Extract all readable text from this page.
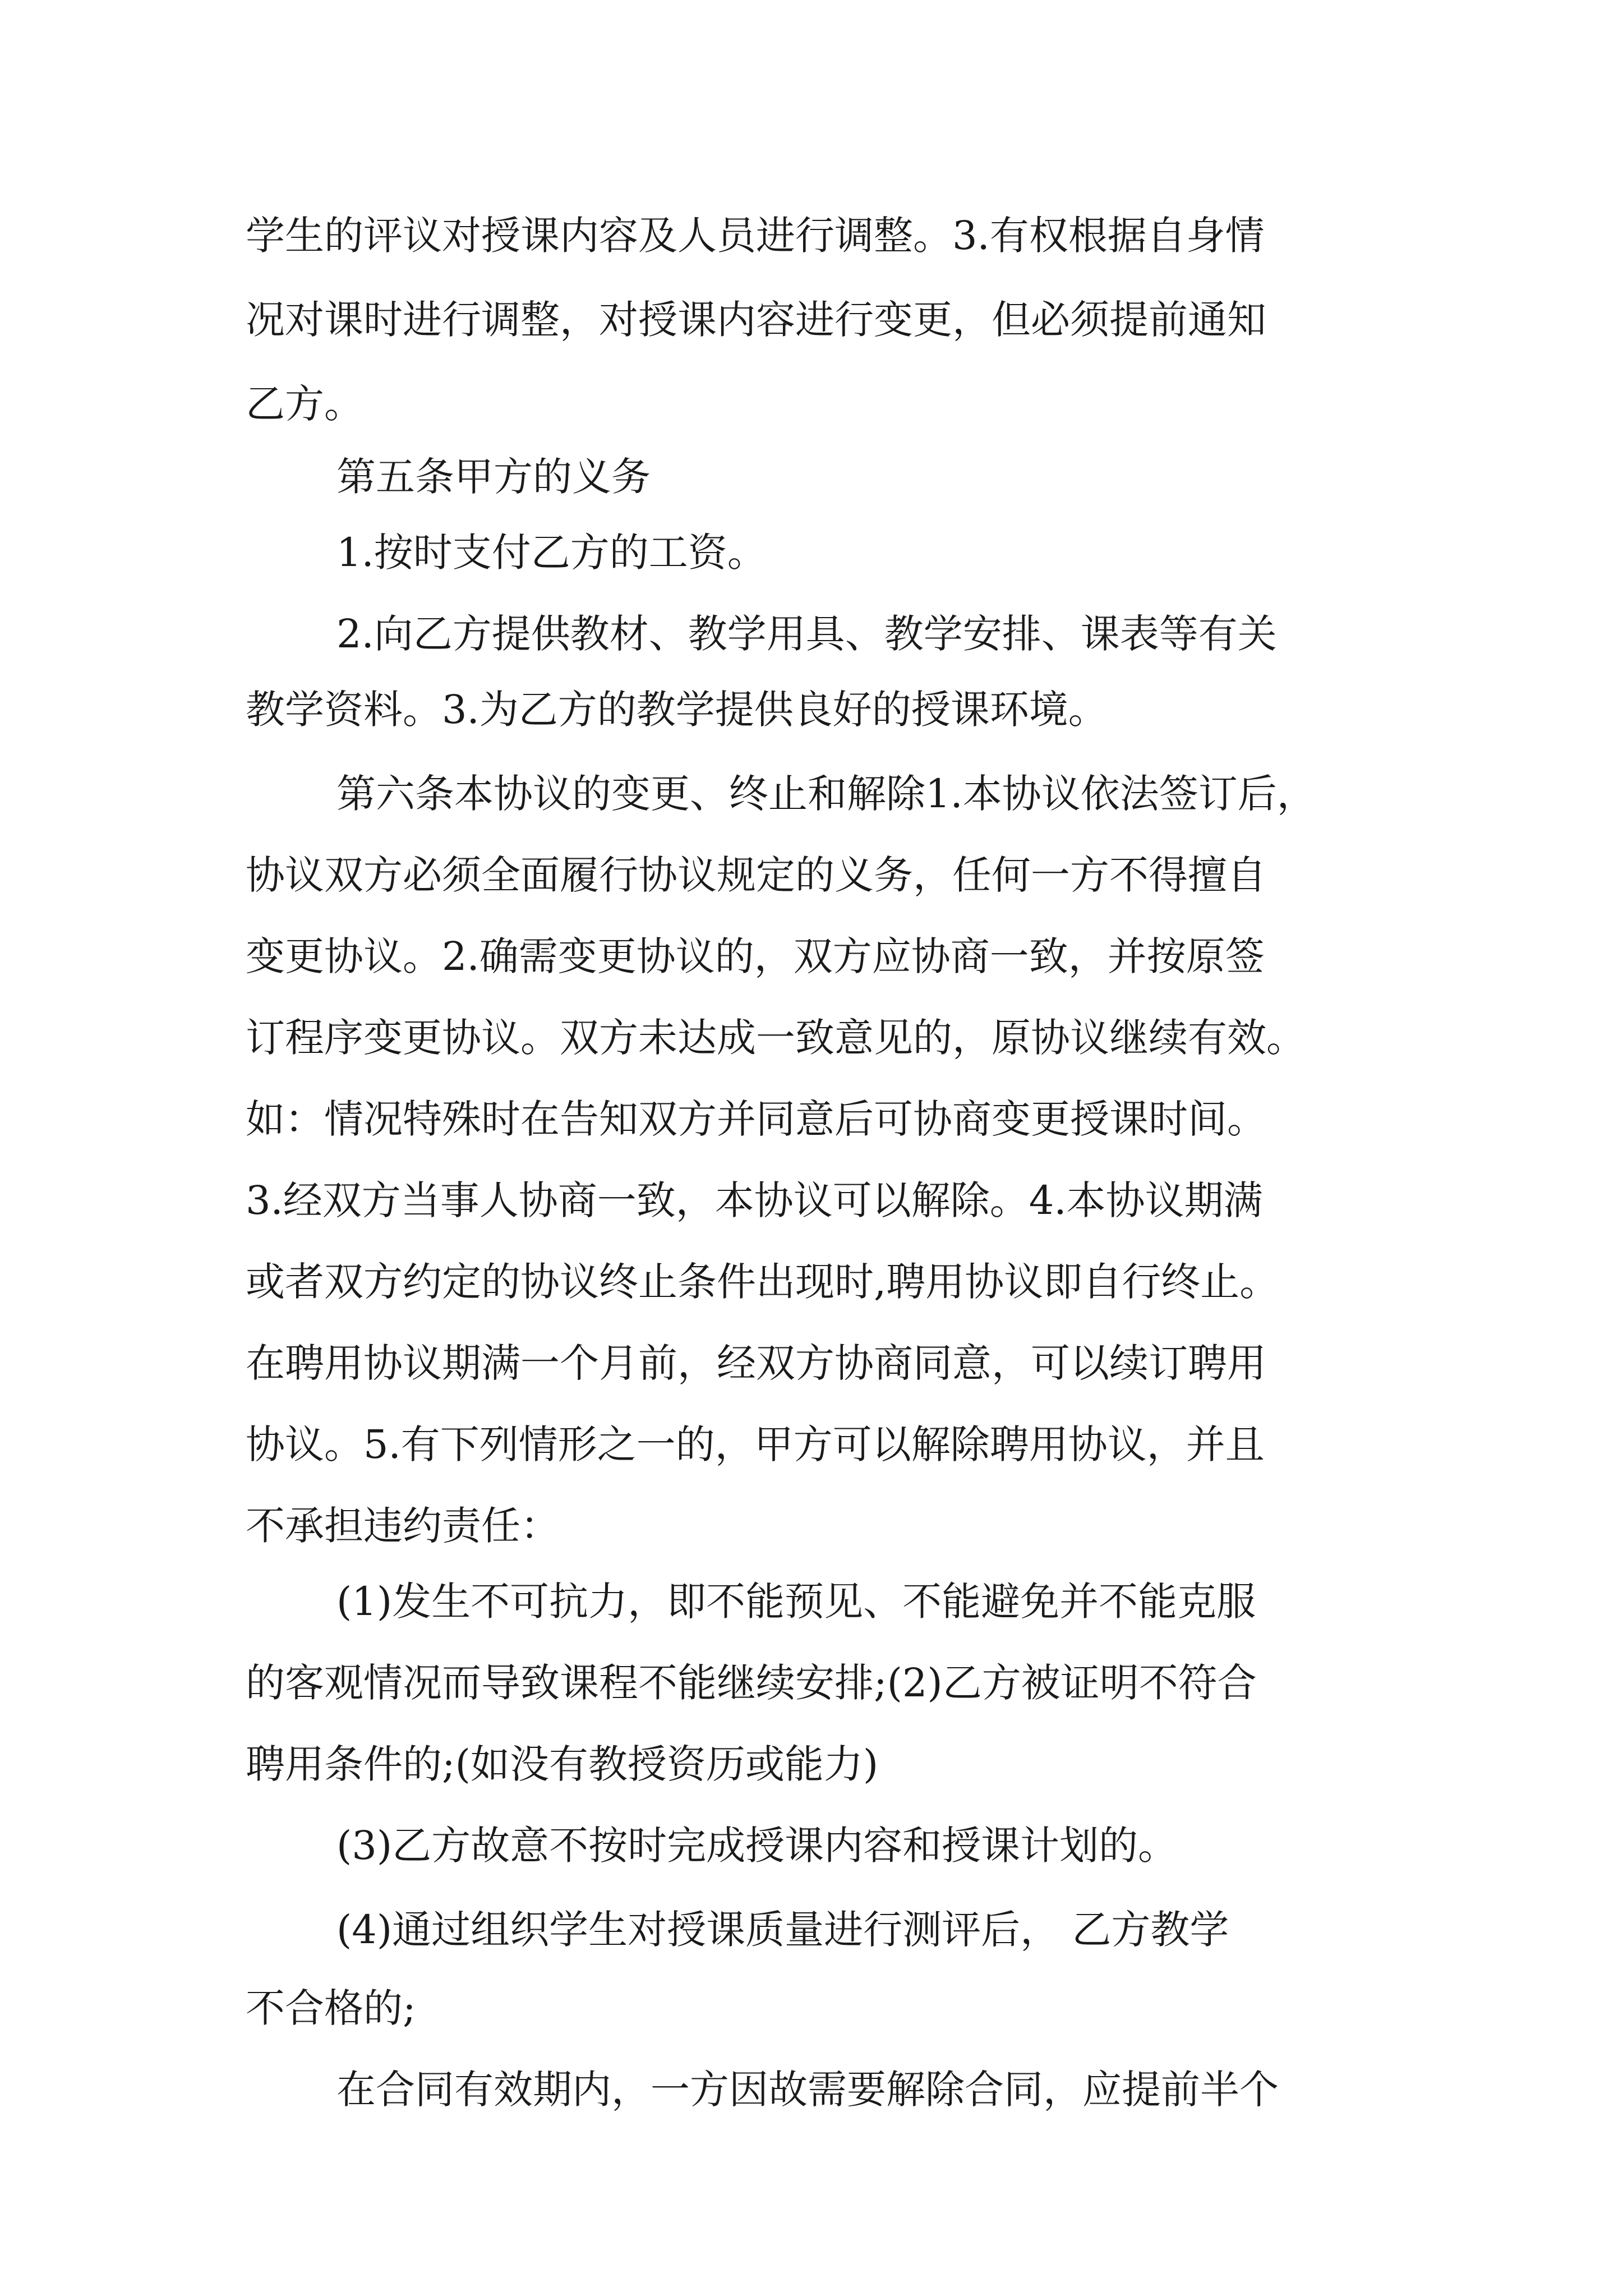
学生的评议对授课内容及人员进行调整。3.有权根据自身情
况对课时进行调整，对授课内容进行变更，但必须提前通知
乙方。
第五条甲方的义务
1.按时支付乙方的工资。
2.向乙方提供教材、教学用具、教学安排、课表等有关
教学资料。3.为乙方的教学提供良好的授课环境。
第六条本协议的变更、终止和解除1.本协议依法签订后，
协议双方必须全面履行协议规定的义务，任何一方不得擅自
变更协议。2.确需变更协议的，双方应协商一致，并按原签
订程序变更协议。双方未达成一致意见的，原协议继续有效。
如：情况特殊时在告知双方并同意后可协商变更授课时间。
3.经双方当事人协商一致，本协议可以解除。4.本协议期满
或者双方约定的协议终止条件出现时,聘用协议即自行终止。
在聘用协议期满一个月前，经双方协商同意，可以续订聘用
协议。5.有下列情形之一的，甲方可以解除聘用协议，并且
不承担违约责任：
(1)发生不可抗力，即不能预见、不能避免并不能克服
的客观情况而导致课程不能继续安排;(2)乙方被证明不符合
聘用条件的;(如没有教授资历或能力)
(3)乙方故意不按时完成授课内容和授课计划的。
(4)通过组织学生对授课质量进行测评后， 乙方教学
不合格的;
在合同有效期内，一方因故需要解除合同，应提前半个
